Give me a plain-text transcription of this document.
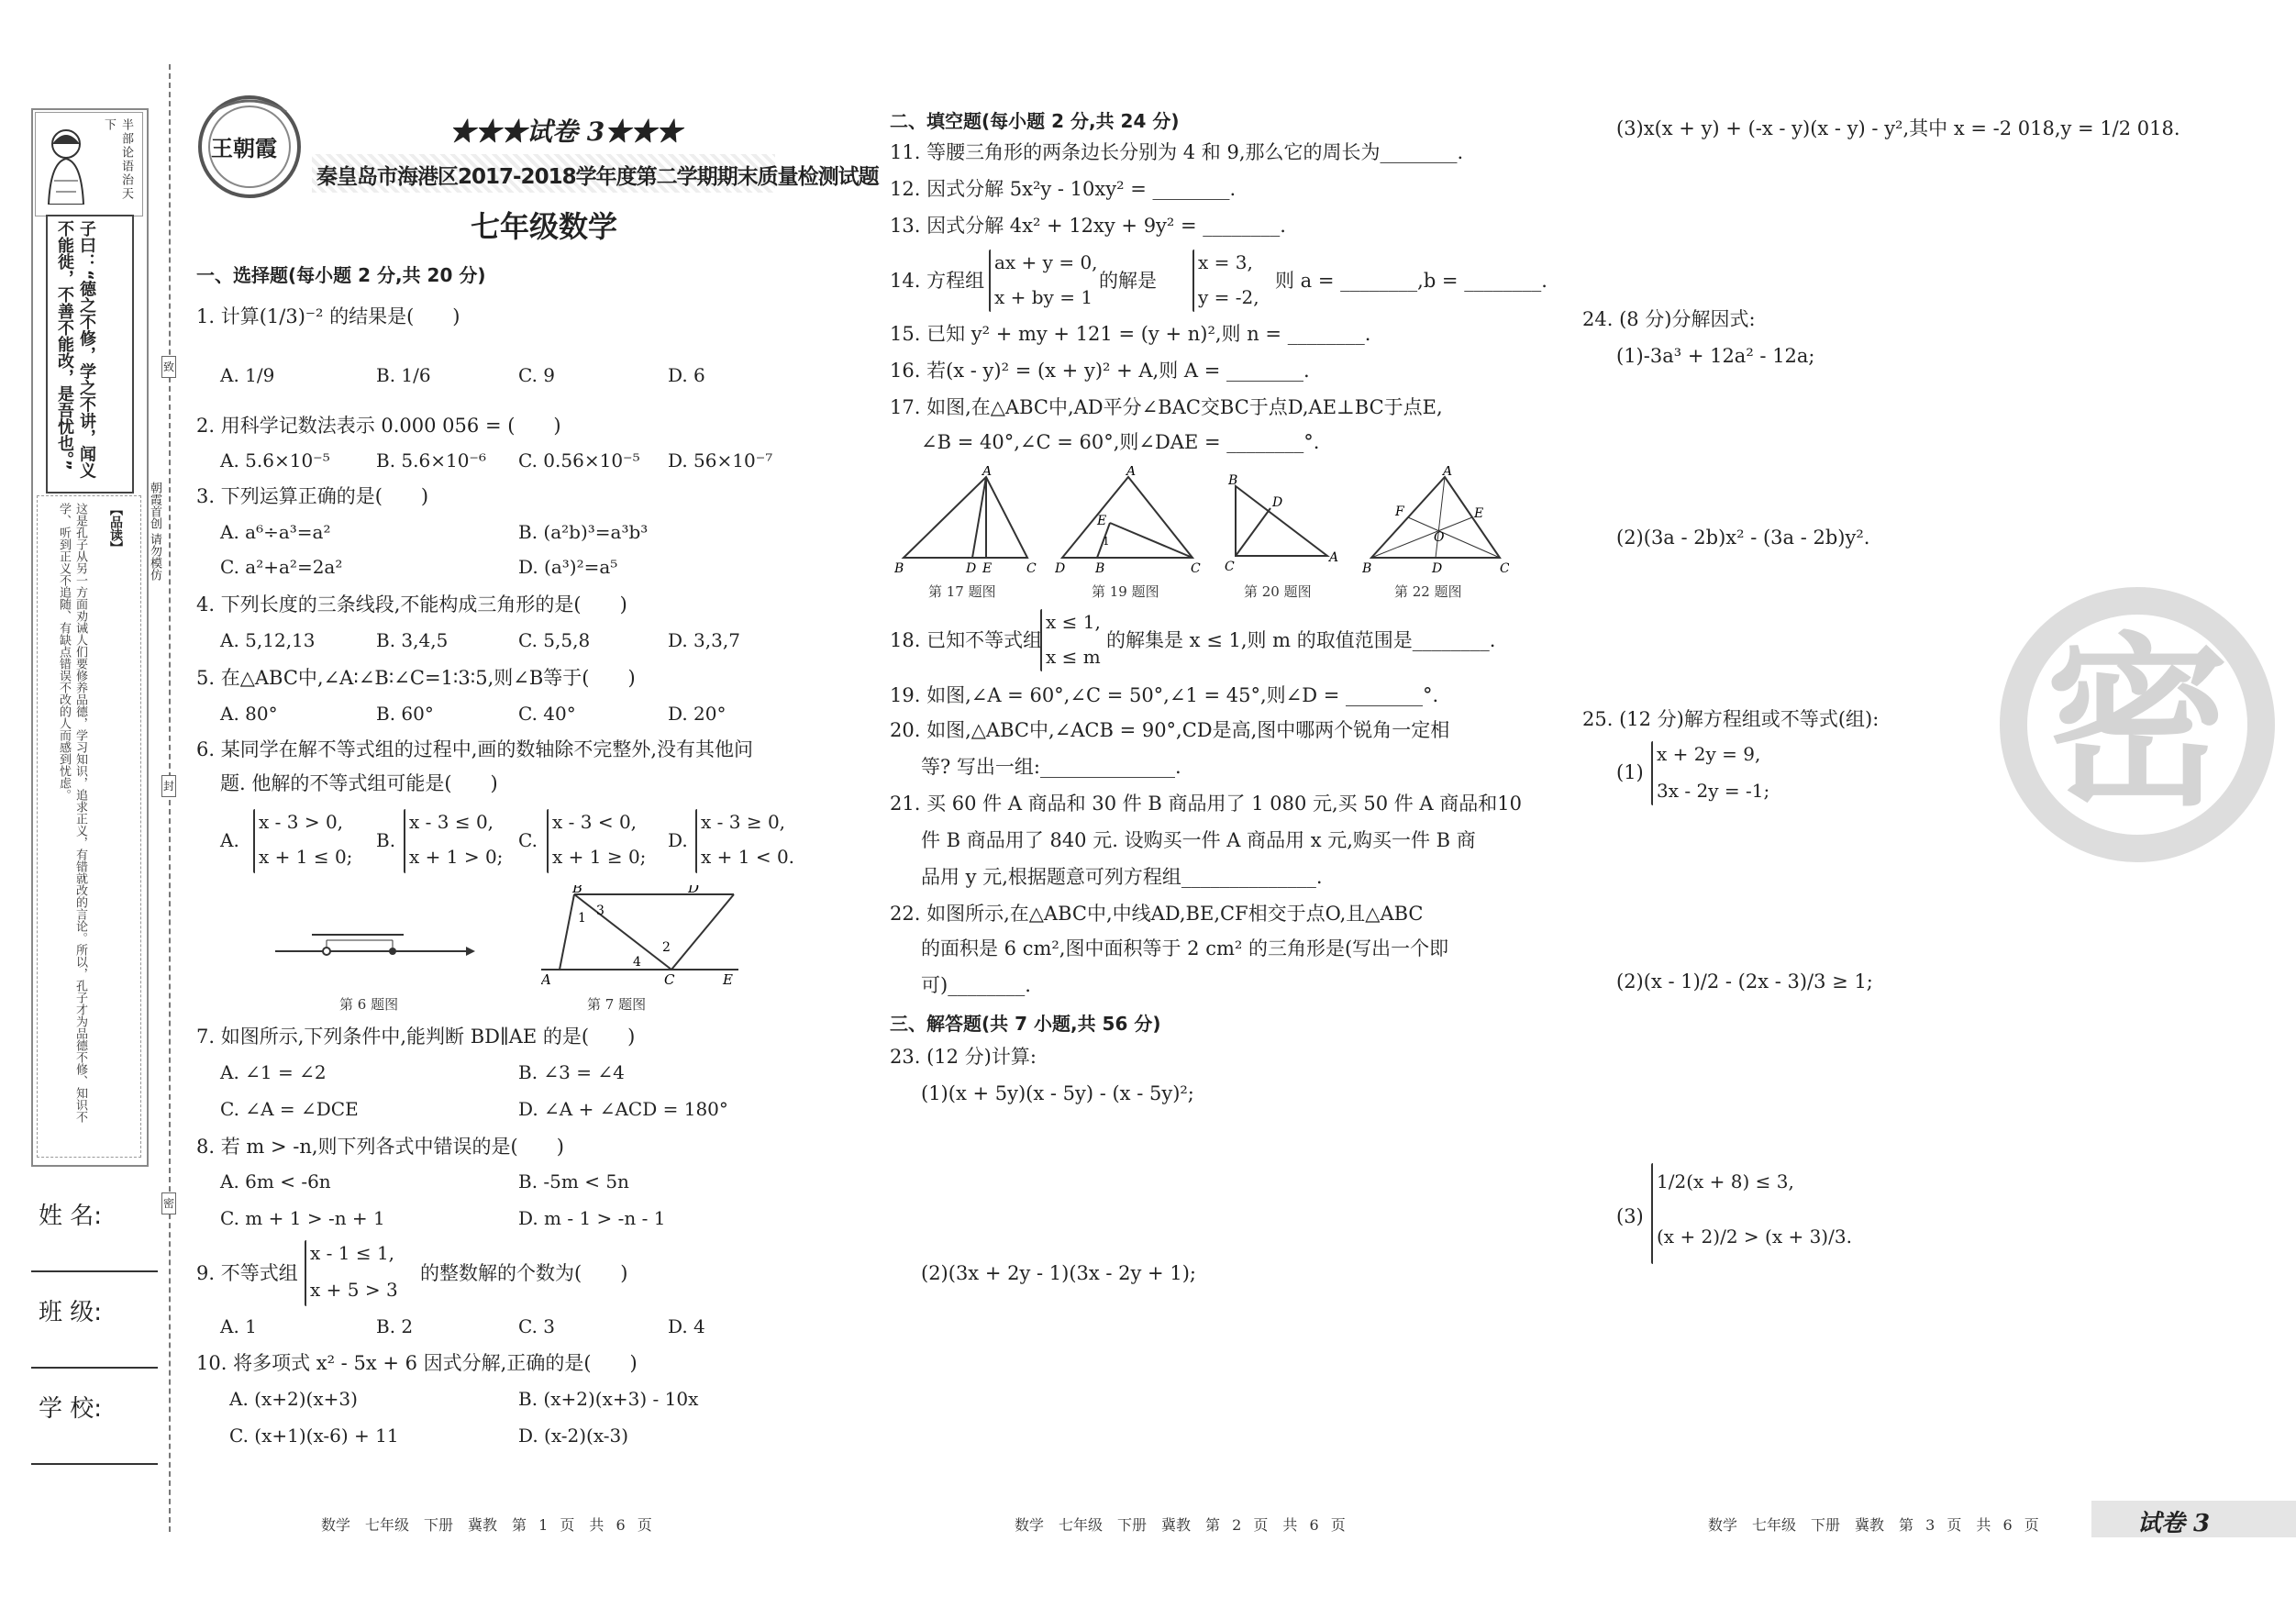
半部论语治天下
子曰：“德之不修，学之不讲，闻义不能徙，不善不能改，是吾忧也。”
【品读】
这是孔子从另一方面劝诫人们要修养品德，学习知识，追求正义，有错就改的言论。所以，孔子才为品德不修、知识不学、听到正义不追随、有缺点错误不改的人而感到忧虑。
姓 名:
班 级:
学 校:
致
封
密
朝霞首创 请勿模仿
王朝霞
★★★试卷 3★★★
秦皇岛市海港区2017-2018学年度第二学期期末质量检测试题
七年级数学
一、选择题(每小题 2 分,共 20 分)
1. 计算(1/3)⁻² 的结果是(　　)
A. 1/9	B. 1/6	C. 9	D. 6
2. 用科学记数法表示 0.000 056 = (　　)
A. 5.6×10⁻⁵	B. 5.6×10⁻⁶ C. 0.56×10⁻⁵ D. 56×10⁻⁷
3. 下列运算正确的是(　　)
A. a⁶÷a³=a²	B. (a²b)³=a³b³
C. a²+a²=2a²	D. (a³)²=a⁵
4. 下列长度的三条线段,不能构成三角形的是(　　)
A. 5,12,13	B. 3,4,5	C. 5,5,8	D. 3,3,7
5. 在△ABC中,∠A∶∠B∶∠C=1∶3∶5,则∠B等于(　　)
A. 80°	B. 60°	C. 40°	D. 20°
6. 某同学在解不等式组的过程中,画的数轴除不完整外,没有其他问
题. 他解的不等式组可能是(　　)
A.
x - 3 > 0,
x + 1 ≤ 0;
B.
x - 3 ≤ 0,
x + 1 > 0;
C.
x - 3 < 0,
x + 1 ≥ 0;
D.
x - 3 ≥ 0,
x + 1 < 0.
第 6 题图
B	D
A	C	E
1 3
2
4
第 7 题图
7. 如图所示,下列条件中,能判断 BD∥AE 的是(　　)
A. ∠1 = ∠2	B. ∠3 = ∠4
C. ∠A = ∠DCE	D. ∠A + ∠ACD = 180°
8. 若 m > -n,则下列各式中错误的是(　　)
A. 6m < -6n	B. -5m < 5n
C. m + 1 > -n + 1	D. m - 1 > -n - 1
9. 不等式组
x - 1 ≤ 1,
x + 5 > 3
的整数解的个数为(　　)
A. 1	B. 2	C. 3	D. 4
10. 将多项式 x² - 5x + 6 因式分解,正确的是(　　)
A. (x+2)(x+3)	B. (x+2)(x+3) - 10x
C. (x+1)(x-6) + 11	D. (x-2)(x-3)
二、填空题(每小题 2 分,共 24 分)
11. 等腰三角形的两条边长分别为 4 和 9,那么它的周长为________.
12. 因式分解 5x²y - 10xy² = ________.
13. 因式分解 4x² + 12xy + 9y² = ________.
14. 方程组
ax + y = 0,
x + by = 1
的解是
x = 3,
y = -2,
则 a = ________,b = ________.
15. 已知 y² + my + 121 = (y + n)²,则 n = ________.
16. 若(x - y)² = (x + y)² + A,则 A = ________.
17. 如图,在△ABC中,AD平分∠BAC交BC于点D,AE⊥BC于点E,
∠B = 40°,∠C = 60°,则∠DAE = ________°.
A
B	D E	C
A
D B	C
E
1
B
C
A
D
A
B	C
F	E
O
D
第 17 题图	第 19 题图	第 20 题图	第 22 题图
18. 已知不等式组
x ≤ 1,
x ≤ m
的解集是 x ≤ 1,则 m 的取值范围是________.
19. 如图,∠A = 60°,∠C = 50°,∠1 = 45°,则∠D = ________°.
20. 如图,△ABC中,∠ACB = 90°,CD是高,图中哪两个锐角一定相
等? 写出一组:______________.
21. 买 60 件 A 商品和 30 件 B 商品用了 1 080 元,买 50 件 A 商品和10
件 B 商品用了 840 元. 设购买一件 A 商品用 x 元,购买一件 B 商
品用 y 元,根据题意可列方程组______________.
22. 如图所示,在△ABC中,中线AD,BE,CF相交于点O,且△ABC
的面积是 6 cm²,图中面积等于 2 cm² 的三角形是(写出一个即
可)________.
三、解答题(共 7 小题,共 56 分)
23. (12 分)计算:
(1)(x + 5y)(x - 5y) - (x - 5y)²;
(2)(3x + 2y - 1)(3x - 2y + 1);
(3)x(x + y) + (-x - y)(x - y) - y²,其中 x = -2 018,y = 1/2 018.
24. (8 分)分解因式:
(1)-3a³ + 12a² - 12a;
(2)(3a - 2b)x² - (3a - 2b)y².
25. (12 分)解方程组或不等式(组):
(1)
x + 2y = 9,
3x - 2y = -1;
(2)(x - 1)/2 - (2x - 3)/3 ≥ 1;
(3)
1/2(x + 8) ≤ 3,
(x + 2)/2 > (x + 3)/3.
密
数学　七年级　下册　冀教　第 1 页　共 6 页	数学　七年级　下册　冀教　第 2 页　共 6 页	数学　七年级　下册　冀教　第 3 页　共 6 页	试卷 3
